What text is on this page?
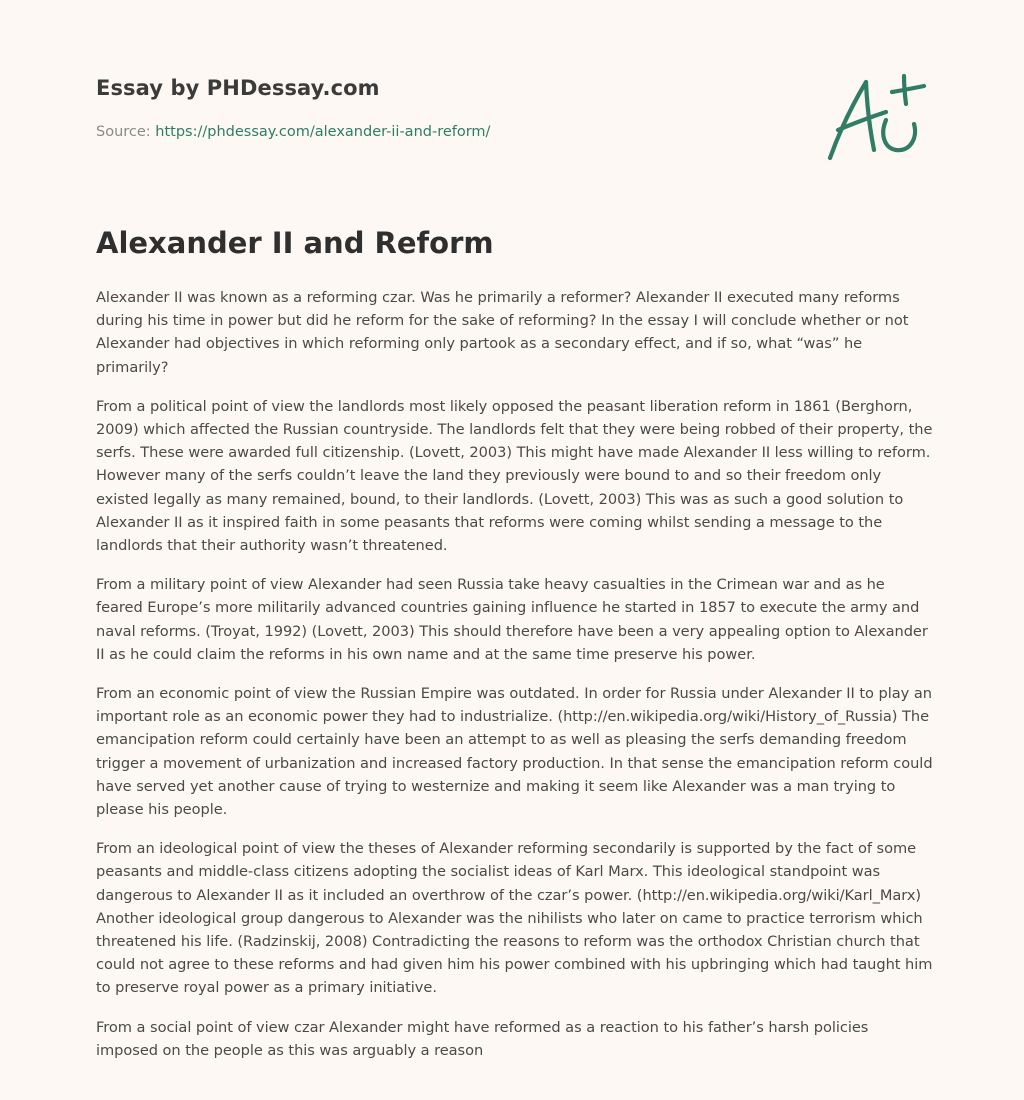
Essay by PHDessay.com
Source: https://phdessay.com/alexander-ii-and-reform/
Alexander II and Reform

Alexander II was known as a reforming czar. Was he primarily a reformer? Alexander II executed many reforms during his time in power but did he reform for the sake of reforming? In the essay I will conclude whether or not Alexander had objectives in which reforming only partook as a secondary effect, and if so, what “was” he primarily?

From a political point of view the landlords most likely opposed the peasant liberation reform in 1861 (Berghorn, 2009) which affected the Russian countryside. The landlords felt that they were being robbed of their property, the serfs. These were awarded full citizenship. (Lovett, 2003) This might have made Alexander II less willing to reform. However many of the serfs couldn’t leave the land they previously were bound to and so their freedom only existed legally as many remained, bound, to their landlords. (Lovett, 2003) This was as such a good solution to Alexander II as it inspired faith in some peasants that reforms were coming whilst sending a message to the landlords that their authority wasn’t threatened.

From a military point of view Alexander had seen Russia take heavy casualties in the Crimean war and as he feared Europe’s more militarily advanced countries gaining influence he started in 1857 to execute the army and naval reforms. (Troyat, 1992) (Lovett, 2003) This should therefore have been a very appealing option to Alexander II as he could claim the reforms in his own name and at the same time preserve his power.

From an economic point of view the Russian Empire was outdated. In order for Russia under Alexander II to play an important role as an economic power they had to industrialize. (http://en.wikipedia.org/wiki/History_of_Russia) The emancipation reform could certainly have been an attempt to as well as pleasing the serfs demanding freedom trigger a movement of urbanization and increased factory production. In that sense the emancipation reform could have served yet another cause of trying to westernize and making it seem like Alexander was a man trying to please his people.

From an ideological point of view the theses of Alexander reforming secondarily is supported by the fact of some peasants and middle-class citizens adopting the socialist ideas of Karl Marx. This ideological standpoint was dangerous to Alexander II as it included an overthrow of the czar’s power. (http://en.wikipedia.org/wiki/Karl_Marx) Another ideological group dangerous to Alexander was the nihilists who later on came to practice terrorism which threatened his life. (Radzinskij, 2008) Contradicting the reasons to reform was the orthodox Christian church that could not agree to these reforms and had given him his power combined with his upbringing which had taught him to preserve royal power as a primary initiative.

From a social point of view czar Alexander might have reformed as a reaction to his father’s harsh policies imposed on the people as this was arguably a reason
